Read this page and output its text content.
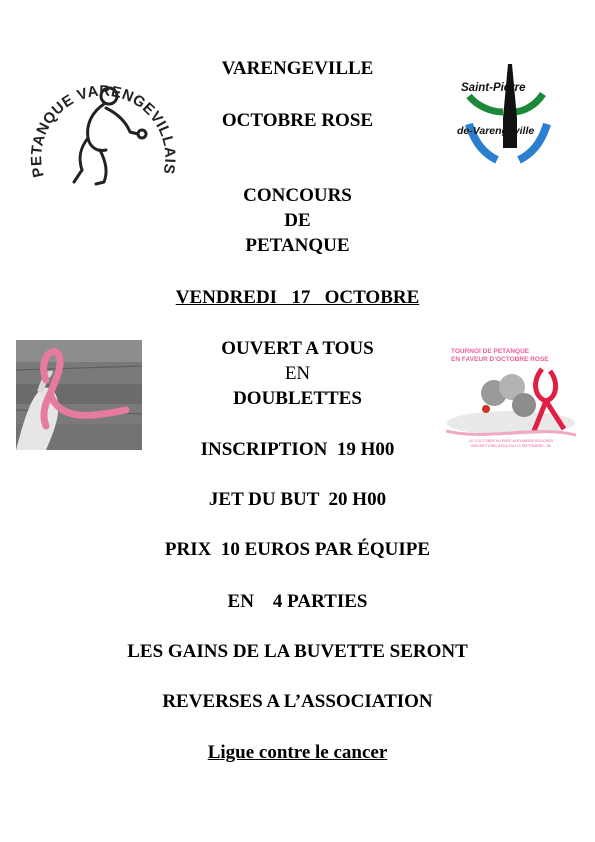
PETANQUE VARENGEVILL
Saint-Pierre
de-Varengeville
VARENGEVILLE
OCTOBRE ROSE
CONCOURS
DE
PETANQUE
VENDREDI   17   OCTOBRE
OUVERT A TOUS
EN
DOUBLETTES
TOURNOI DE PETANQUE
EN FAVEUR D’OCTOBRE ROSE
LE 3 OCTOBRE AU PARC ALEXANDRE BOUCHER
INSCRIPTIONS JUSQU’AU 13 SEPTEMBRE - 5€
INSCRIPTION  19 H00
JET DU BUT  20 H00
PRIX  10 EUROS PAR ÉQUIPE
EN    4 PARTIES
LES GAINS DE LA BUVETTE SERONT
REVERSES A L’ASSOCIATION
Ligue contre le cancer
